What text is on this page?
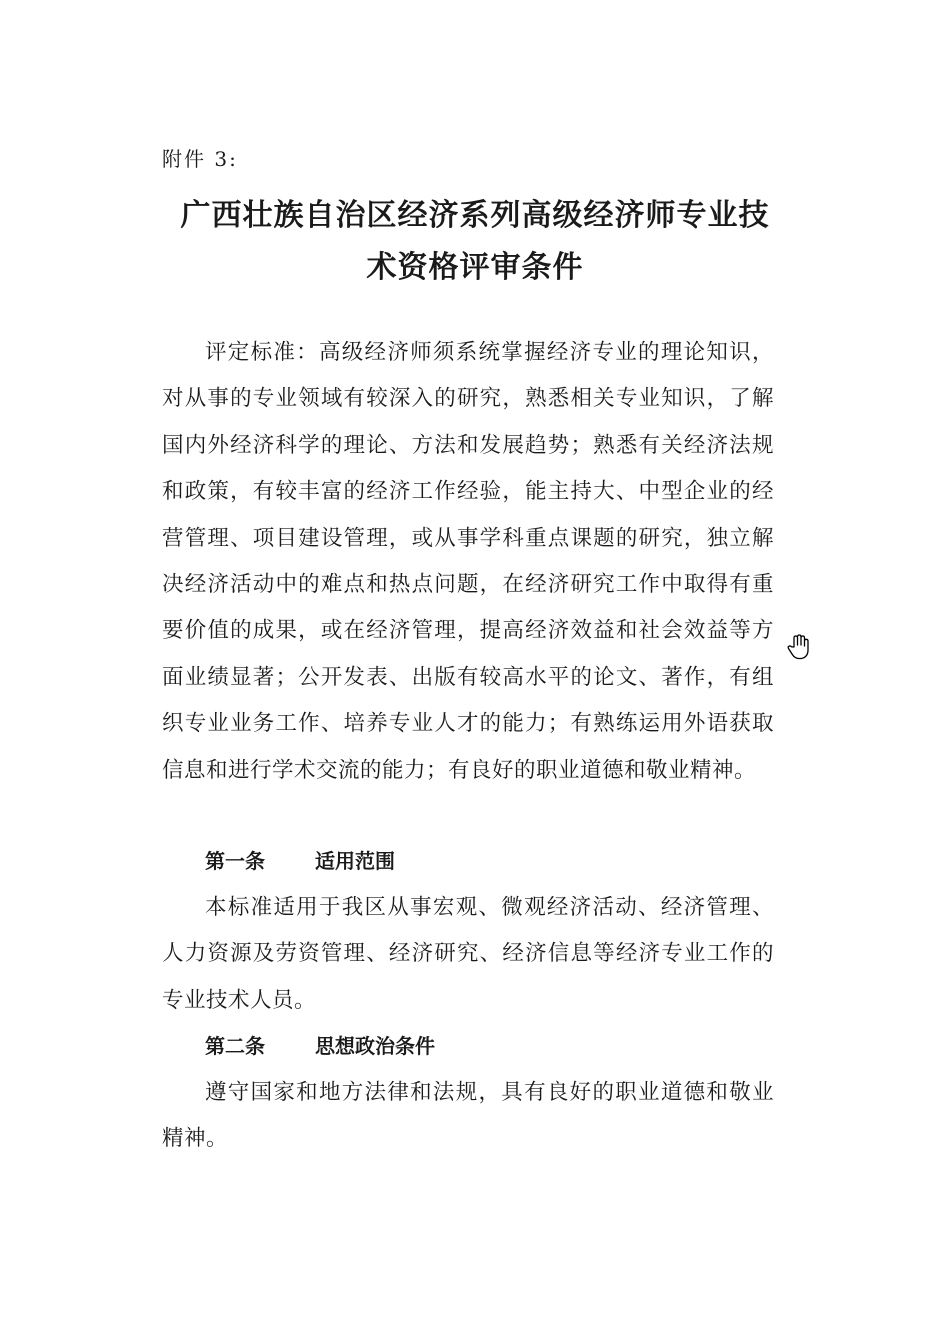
附件 3:
广西壮族自治区经济系列高级经济师专业技
术资格评审条件

评定标准：高级经济师须系统掌握经济专业的理论知识，对从事的专业领域有较深入的研究，熟悉相关专业知识，了解国内外经济科学的理论、方法和发展趋势；熟悉有关经济法规和政策，有较丰富的经济工作经验，能主持大、中型企业的经营管理、项目建设管理，或从事学科重点课题的研究，独立解决经济活动中的难点和热点问题，在经济研究工作中取得有重要价值的成果，或在经济管理，提高经济效益和社会效益等方面业绩显著；公开发表、出版有较高水平的论文、著作，有组织专业业务工作、培养专业人才的能力；有熟练运用外语获取信息和进行学术交流的能力；有良好的职业道德和敬业精神。

第一条	适用范围

本标准适用于我区从事宏观、微观经济活动、经济管理、人力资源及劳资管理、经济研究、经济信息等经济专业工作的专业技术人员。

第二条	思想政治条件

遵守国家和地方法律和法规，具有良好的职业道德和敬业精神。
